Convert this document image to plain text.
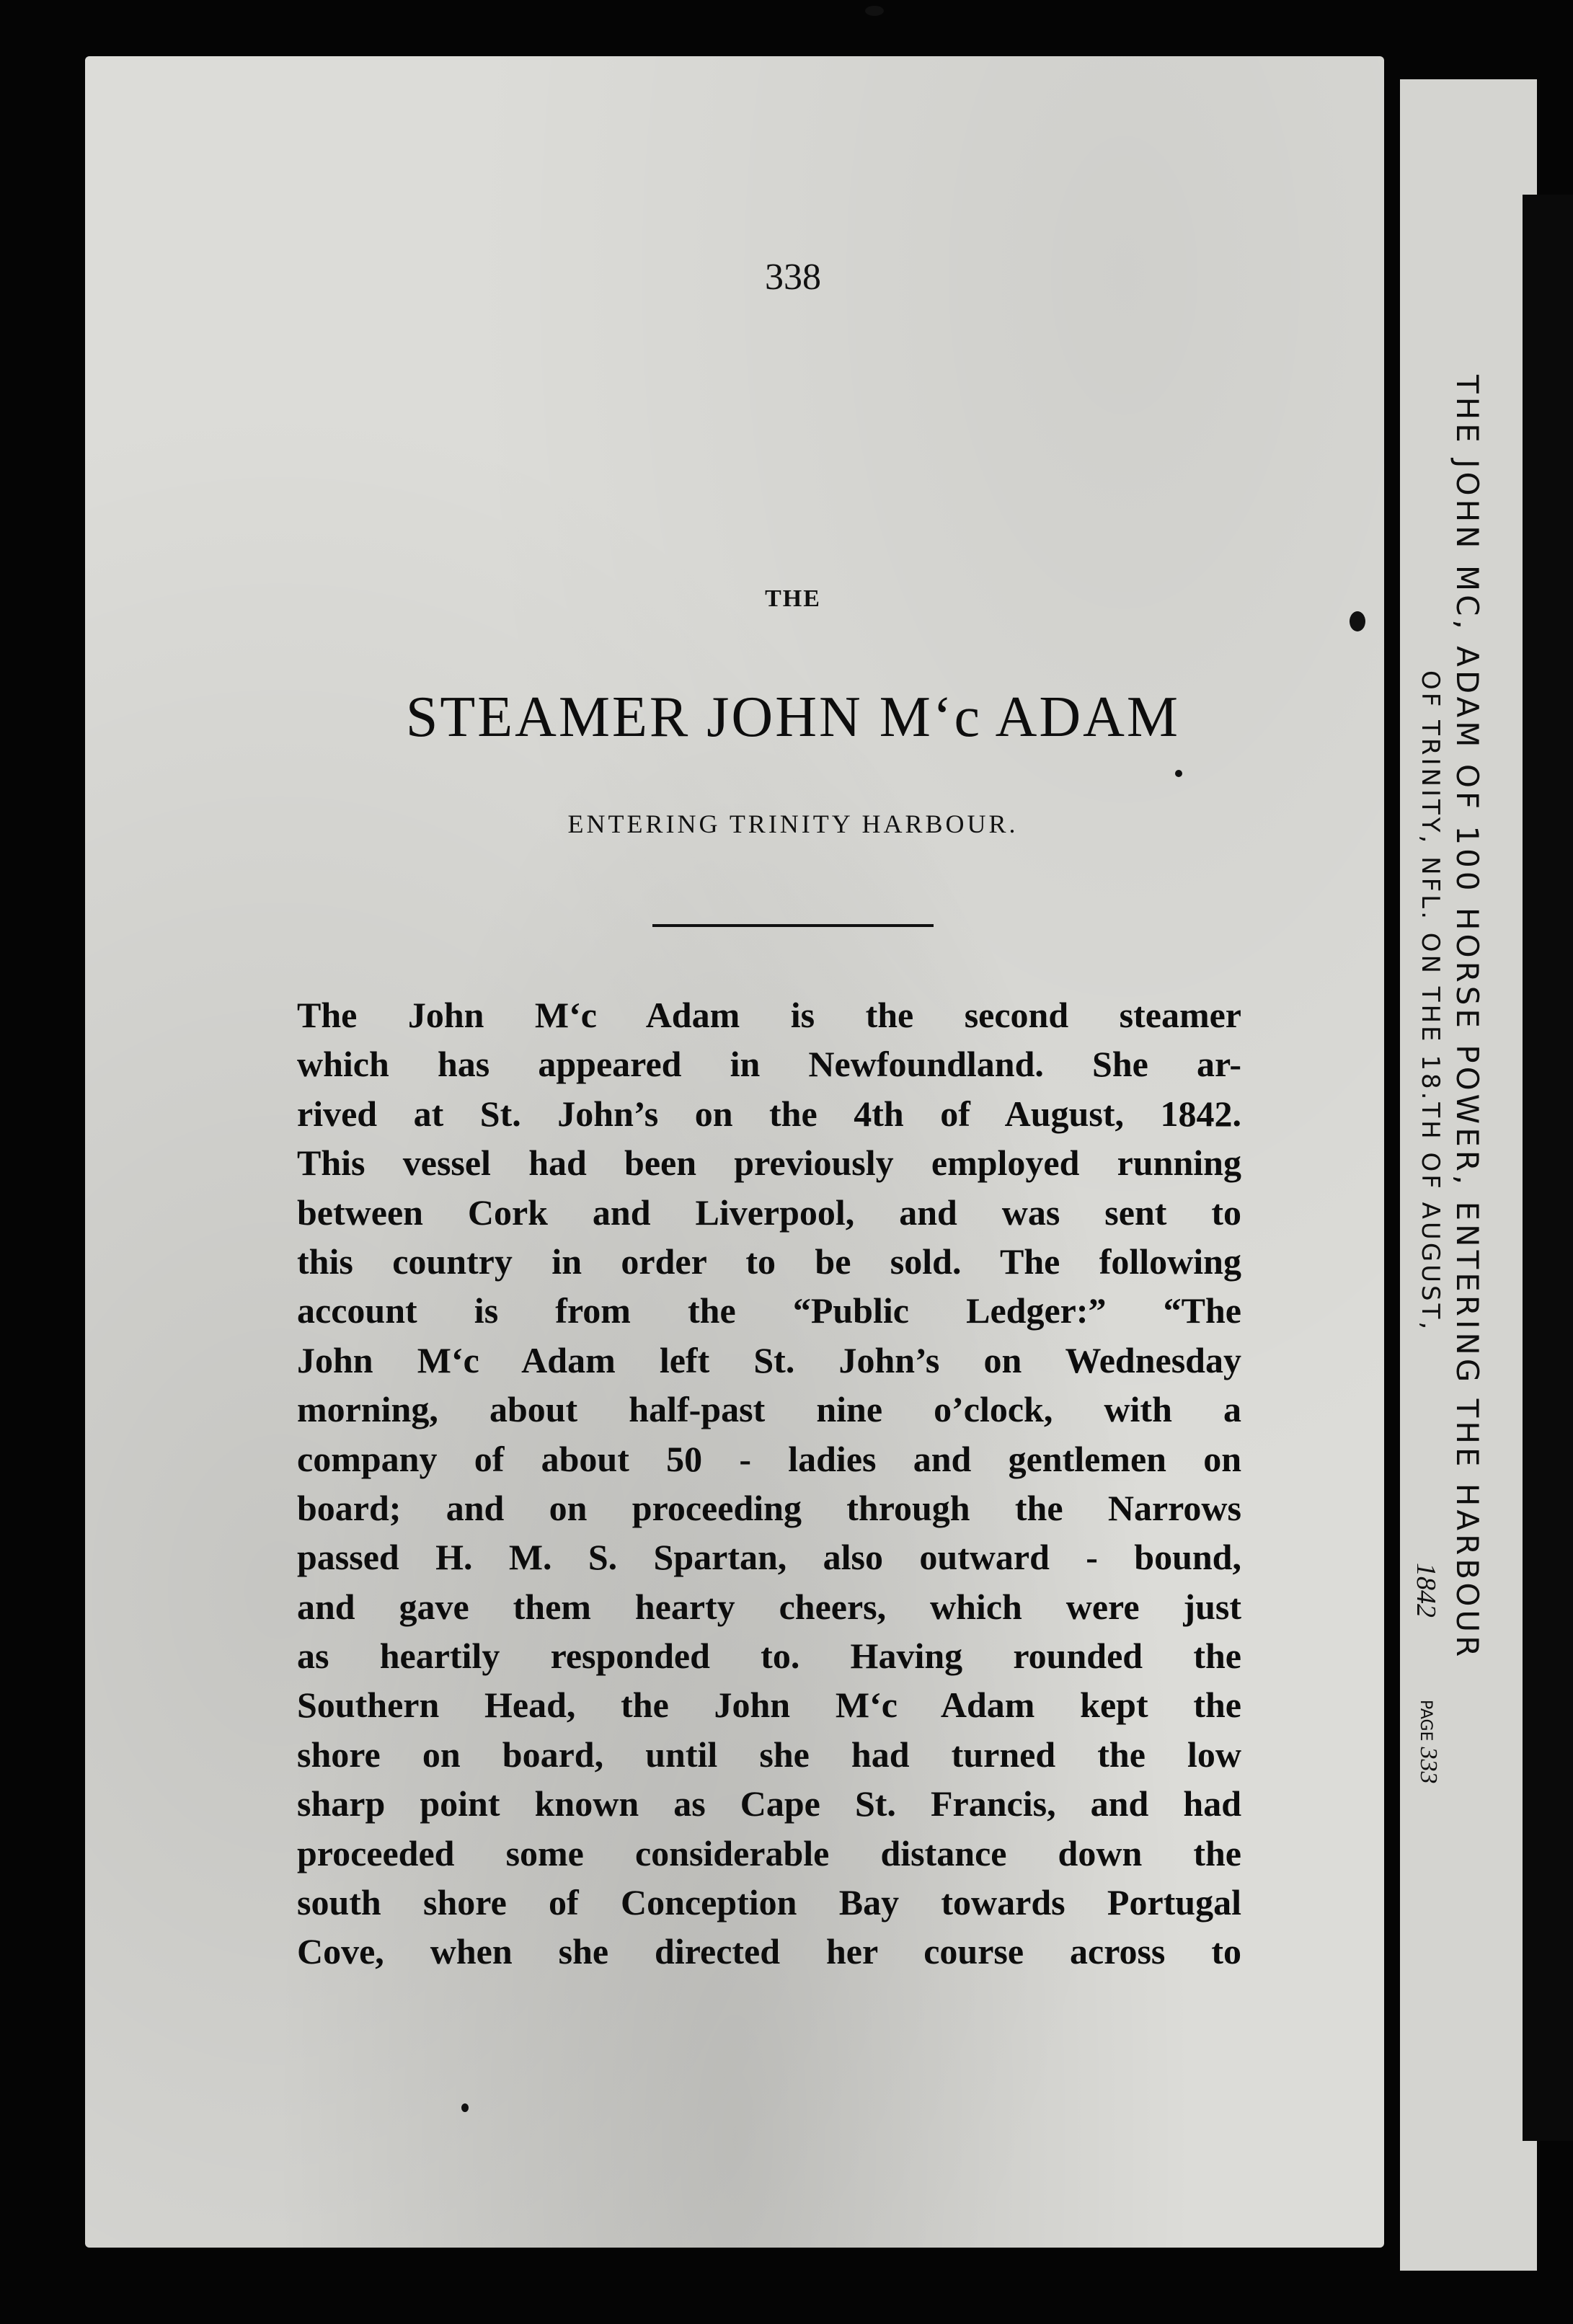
338
THE
STEAMER JOHN M‘c ADAM
ENTERING TRINITY HARBOUR.
The John M‘c Adam is the second steamer
which has appeared in Newfoundland. She ar-
rived at St. John’s on the 4th of August, 1842.
This vessel had been previously employed running
between Cork and Liverpool, and was sent to
this country in order to be sold. The following
account is from the “Public Ledger:” “The
John M‘c Adam left St. John’s on Wednesday
morning, about half-past nine o’clock, with a
company of about 50 - ladies and gentlemen on
board; and on proceeding through the Narrows
passed H. M. S. Spartan, also outward - bound,
and gave them hearty cheers, which were just
as heartily responded to. Having rounded the
Southern Head, the John M‘c Adam kept the
shore on board, until she had turned the low
sharp point known as Cape St. Francis, and had
proceeded some considerable distance down the
south shore of Conception Bay towards Portugal
Cove, when she directed her course across to
THE JOHN MC, ADAM OF 100 HORSE POWER, ENTERING THE HARBOUR
OF TRINITY, NFL. ON THE 18.TH OF AUGUST,
1842
PAGE333
